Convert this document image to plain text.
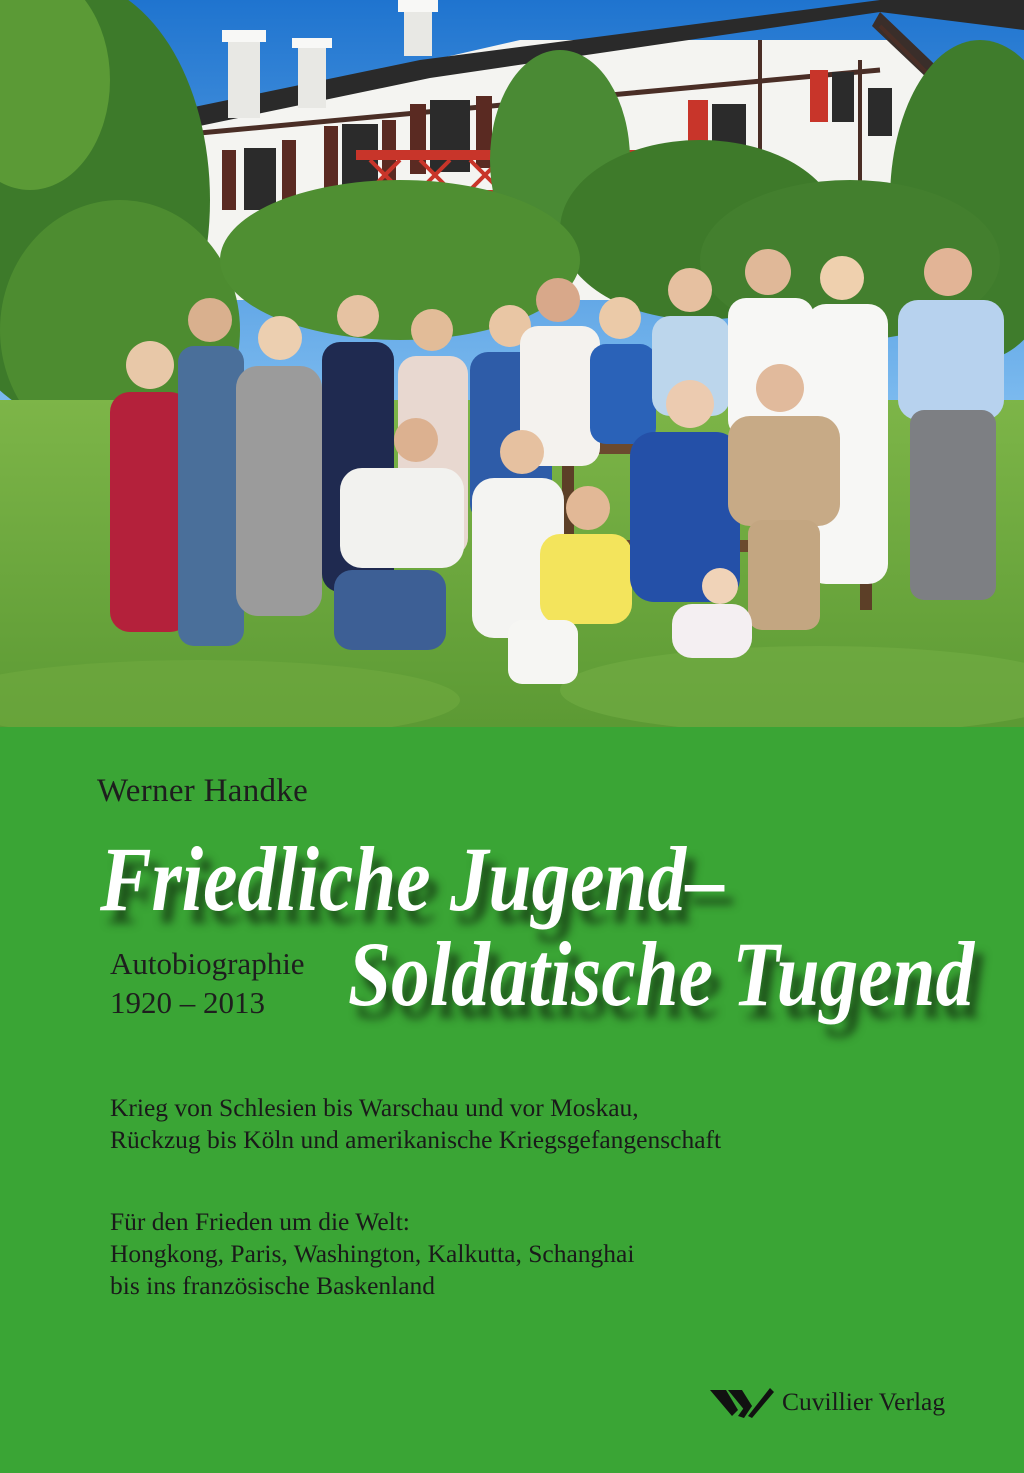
Werner Handke
Friedliche Jugend–
Soldatische Tugend
Autobiographie
1920 – 2013
Krieg von Schlesien bis Warschau und vor Moskau,
Rückzug bis Köln und amerikanische Kriegsgefangenschaft
Für den Frieden um die Welt:
Hongkong, Paris, Washington, Kalkutta, Schanghai
bis ins französische Baskenland
Cuvillier Verlag
